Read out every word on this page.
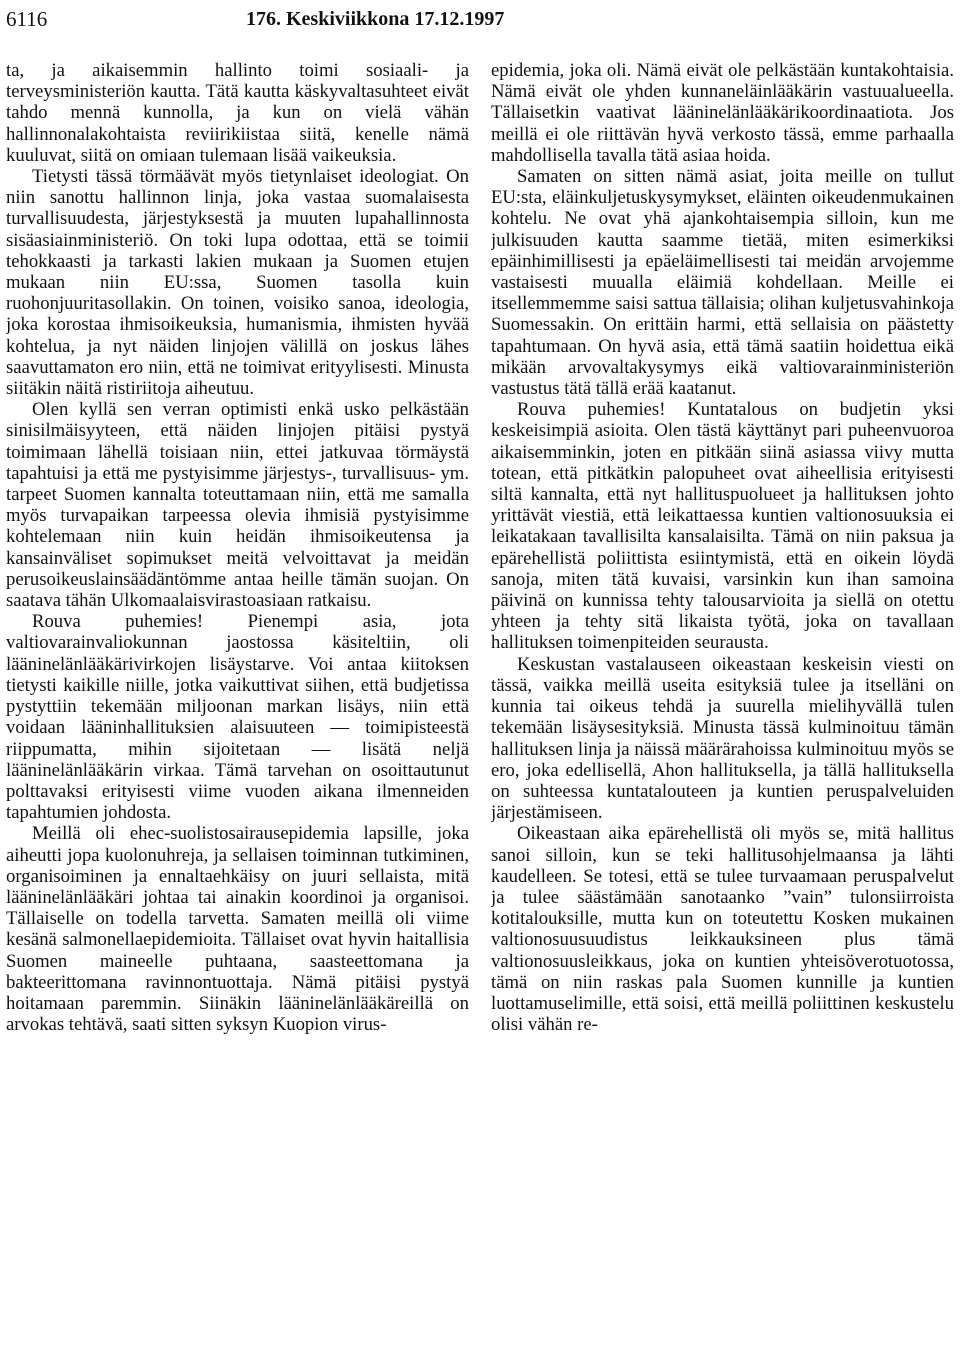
6116	176. Keskiviikkona 17.12.1997

ta, ja aikaisemmin hallinto toimi sosiaali- ja terveysministeriön kautta. Tätä kautta käskyvaltasuhteet eivät tahdo mennä kunnolla, ja kun on vielä vähän hallinnonalakohtaista reviirikiistaa siitä, kenelle nämä kuuluvat, siitä on omiaan tulemaan lisää vaikeuksia.

Tietysti tässä törmäävät myös tietynlaiset ideologiat. On niin sanottu hallinnon linja, joka vastaa suomalaisesta turvallisuudesta, järjestyksestä ja muuten lupahallinnosta sisäasiainministeriö. On toki lupa odottaa, että se toimii tehokkaasti ja tarkasti lakien mukaan ja Suomen etujen mukaan niin EU:ssa, Suomen tasolla kuin ruohonjuuritasollakin. On toinen, voisiko sanoa, ideologia, joka korostaa ihmisoikeuksia, humanismia, ihmisten hyvää kohtelua, ja nyt näiden linjojen välillä on joskus lähes saavuttamaton ero niin, että ne toimivat erityylisesti. Minusta siitäkin näitä ristiriitoja aiheutuu.

Olen kyllä sen verran optimisti enkä usko pelkästään sinisilmäisyyteen, että näiden linjojen pitäisi pystyä toimimaan lähellä toisiaan niin, ettei jatkuvaa törmäystä tapahtuisi ja että me pystyisimme järjestys-, turvallisuus- ym. tarpeet Suomen kannalta toteuttamaan niin, että me samalla myös turvapaikan tarpeessa olevia ihmisiä pystyisimme kohtelemaan niin kuin heidän ihmisoikeutensa ja kansainväliset sopimukset meitä velvoittavat ja meidän perusoikeuslainsäädäntömme antaa heille tämän suojan. On saatava tähän Ulkomaalaisvirastoasiaan ratkaisu.

Rouva puhemies! Pienempi asia, jota valtiovarainvaliokunnan jaostossa käsiteltiin, oli lääninelänlääkärivirkojen lisäystarve. Voi antaa kiitoksen tietysti kaikille niille, jotka vaikuttivat siihen, että budjetissa pystyttiin tekemään miljoonan markan lisäys, niin että voidaan lääninhallituksien alaisuuteen — toimipisteestä riippumatta, mihin sijoitetaan — lisätä neljä lääninelänlääkärin virkaa. Tämä tarvehan on osoittautunut polttavaksi erityisesti viime vuoden aikana ilmenneiden tapahtumien johdosta.

Meillä oli ehec-suolistosairausepidemia lapsille, joka aiheutti jopa kuolonuhreja, ja sellaisen toiminnan tutkiminen, organisoiminen ja ennaltaehkäisy on juuri sellaista, mitä lääninelänlääkäri johtaa tai ainakin koordinoi ja organisoi. Tällaiselle on todella tarvetta. Samaten meillä oli viime kesänä salmonellaepidemioita. Tällaiset ovat hyvin haitallisia Suomen maineelle puhtaana, saasteettomana ja bakteerittomana ravinnontuottaja. Nämä pitäisi pystyä hoitamaan paremmin. Siinäkin lääninelänlääkäreillä on arvokas tehtävä, saati sitten syksyn Kuopion virus-

epidemia, joka oli. Nämä eivät ole pelkästään kuntakohtaisia. Nämä eivät ole yhden kunnaneläinlääkärin vastuualueella. Tällaisetkin vaativat lääninelänlääkärikoordinaatiota. Jos meillä ei ole riittävän hyvä verkosto tässä, emme parhaalla mahdollisella tavalla tätä asiaa hoida.

Samaten on sitten nämä asiat, joita meille on tullut EU:sta, eläinkuljetuskysymykset, eläinten oikeudenmukainen kohtelu. Ne ovat yhä ajankohtaisempia silloin, kun me julkisuuden kautta saamme tietää, miten esimerkiksi epäinhimillisesti ja epäeläimellisesti tai meidän arvojemme vastaisesti muualla eläimiä kohdellaan. Meille ei itsellemmemme saisi sattua tällaisia; olihan kuljetusvahinkoja Suomessakin. On erittäin harmi, että sellaisia on päästetty tapahtumaan. On hyvä asia, että tämä saatiin hoidettua eikä mikään arvovaltakysymys eikä valtiovarainministeriön vastustus tätä tällä erää kaatanut.

Rouva puhemies! Kuntatalous on budjetin yksi keskeisimpiä asioita. Olen tästä käyttänyt pari puheenvuoroa aikaisemminkin, joten en pitkään siinä asiassa viivy mutta totean, että pitkätkin palopuheet ovat aiheellisia erityisesti siltä kannalta, että nyt hallituspuolueet ja hallituksen johto yrittävät viestiä, että leikattaessa kuntien valtionosuuksia ei leikatakaan tavallisilta kansalaisilta. Tämä on niin paksua ja epärehellistä poliittista esiintymistä, että en oikein löydä sanoja, miten tätä kuvaisi, varsinkin kun ihan samoina päivinä on kunnissa tehty talousarvioita ja siellä on otettu yhteen ja tehty sitä likaista työtä, joka on tavallaan hallituksen toimenpiteiden seurausta.

Keskustan vastalauseen oikeastaan keskeisin viesti on tässä, vaikka meillä useita esityksiä tulee ja itselläni on kunnia tai oikeus tehdä ja suurella mielihyvällä tulen tekemään lisäysesityksiä. Minusta tässä kulminoituu tämän hallituksen linja ja näissä määrärahoissa kulminoituu myös se ero, joka edellisellä, Ahon hallituksella, ja tällä hallituksella on suhteessa kuntatalouteen ja kuntien peruspalveluiden järjestämiseen.

Oikeastaan aika epärehellistä oli myös se, mitä hallitus sanoi silloin, kun se teki hallitusohjelmaansa ja lähti kaudelleen. Se totesi, että se tulee turvaamaan peruspalvelut ja tulee säästämään sanotaanko ”vain” tulonsiirroista kotitalouksille, mutta kun on toteutettu Kosken mukainen valtionosuusuudistus leikkauksineen plus tämä valtionosuusleikkaus, joka on kuntien yhteisöverotuotossa, tämä on niin raskas pala Suomen kunnille ja kuntien luottamuselimille, että soisi, että meillä poliittinen keskustelu olisi vähän re-
